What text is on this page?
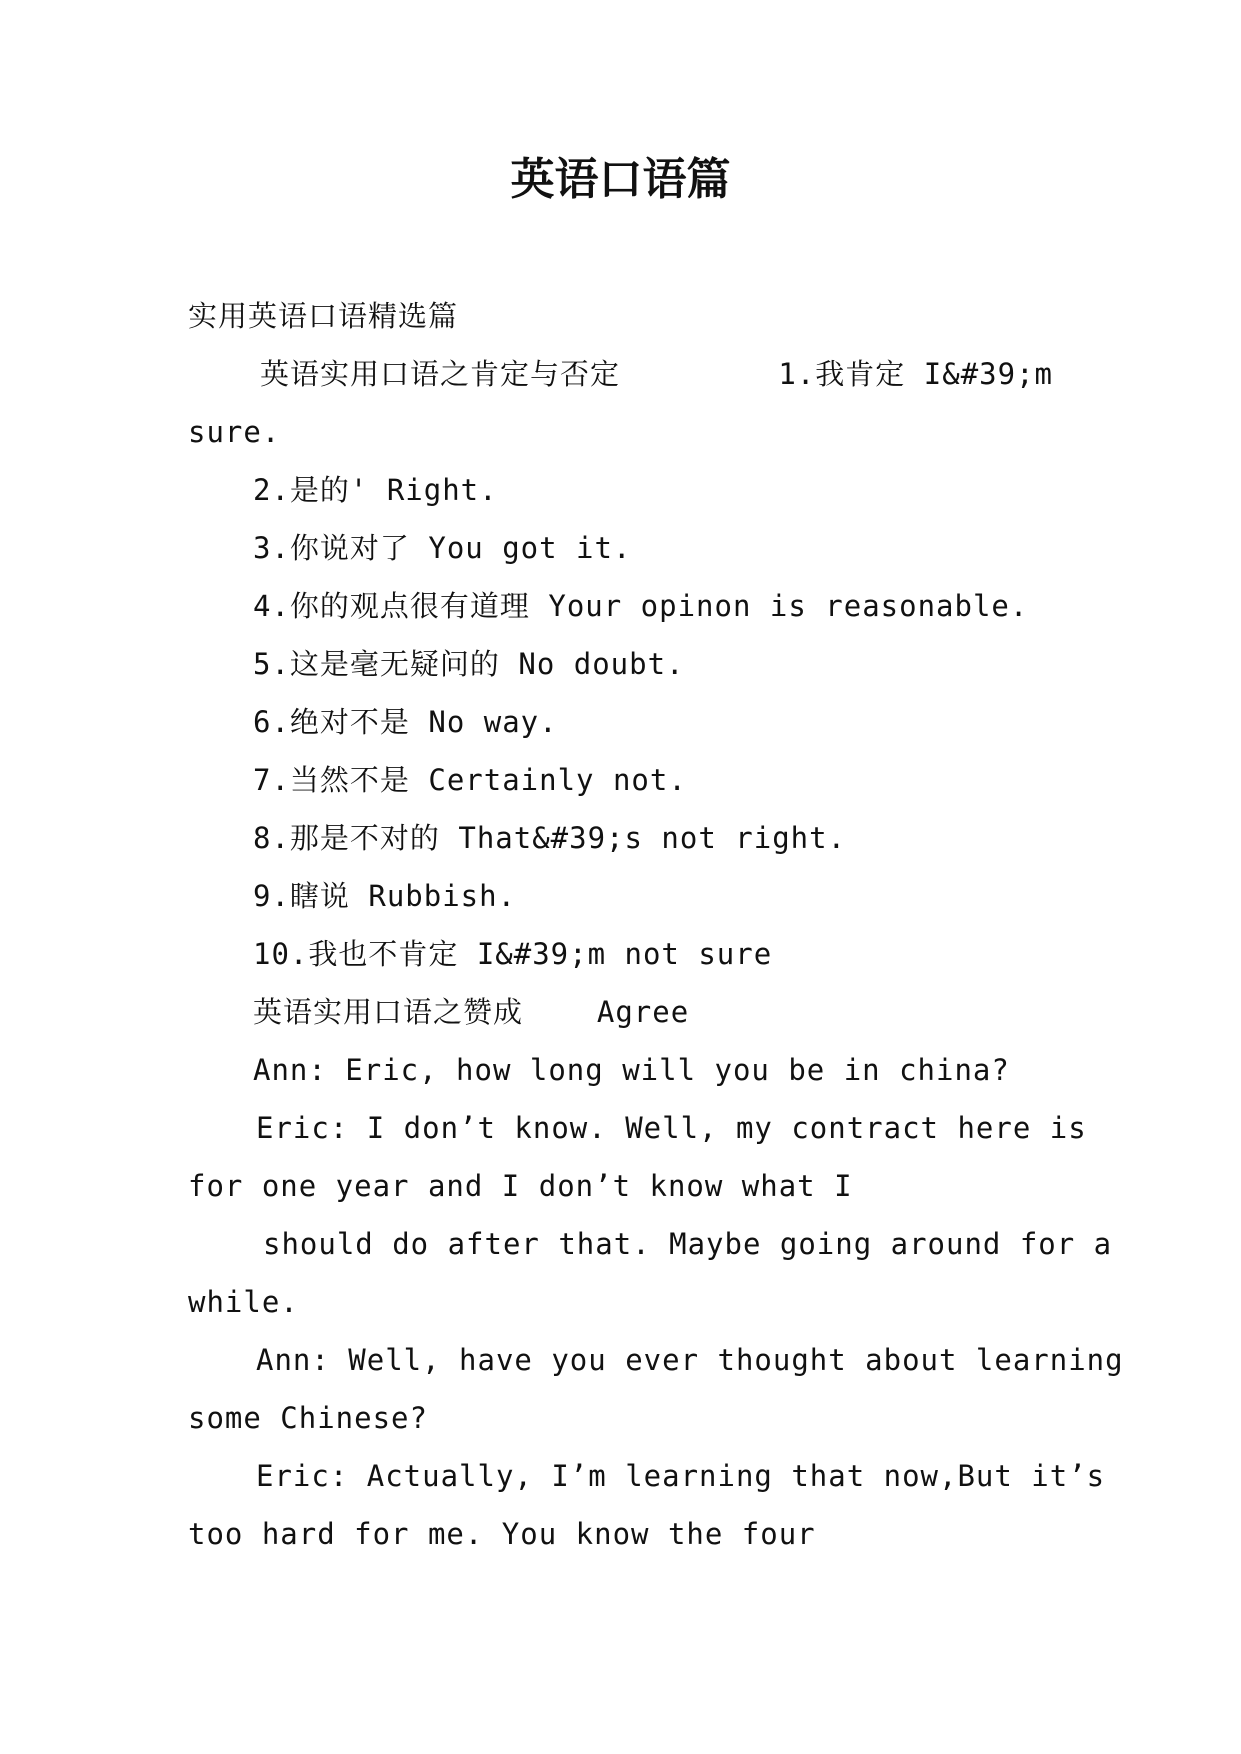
英语口语篇
实用英语口语精选篇
英语实用口语之肯定与否定	1.我肯定 I&#39;m
sure.
2.是的' Right.
3.你说对了 You got it.
4.你的观点很有道理 Your opinon is reasonable.
5.这是毫无疑问的 No doubt.
6.绝对不是 No way.
7.当然不是 Certainly not.
8.那是不对的 That&#39;s not right.
9.瞎说 Rubbish.
10.我也不肯定 I&#39;m not sure
英语实用口语之赞成	Agree
Ann: Eric, how long will you be in china?
Eric: I don’t know. Well, my contract here is
for one year and I don’t know what I
should do after that. Maybe going around for a
while.
Ann: Well, have you ever thought about learning
some Chinese?
Eric: Actually, I’m learning that now,But it’s
too hard for me. You know the four
